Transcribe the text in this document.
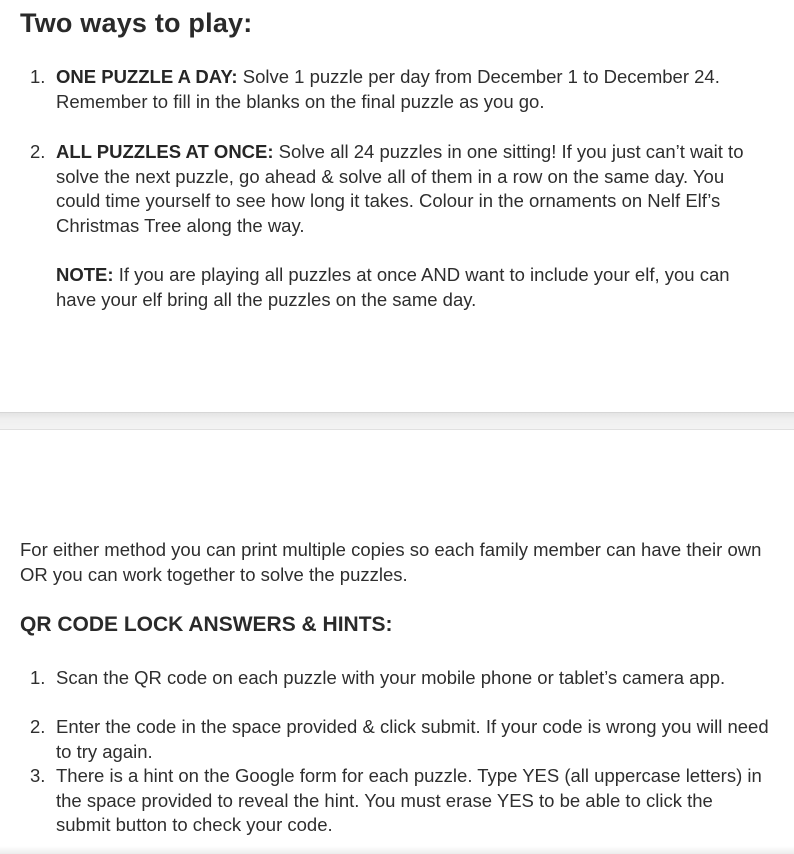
Two ways to play:
1. ONE PUZZLE A DAY: Solve 1 puzzle per day from December 1 to December 24. Remember to fill in the blanks on the final puzzle as you go.
2. ALL PUZZLES AT ONCE: Solve all 24 puzzles in one sitting! If you just can’t wait to solve the next puzzle, go ahead & solve all of them in a row on the same day. You could time yourself to see how long it takes. Colour in the ornaments on Nelf Elf’s Christmas Tree along the way.
NOTE: If you are playing all puzzles at once AND want to include your elf, you can have your elf bring all the puzzles on the same day.
For either method you can print multiple copies so each family member can have their own OR you can work together to solve the puzzles.
QR CODE LOCK ANSWERS & HINTS:
1. Scan the QR code on each puzzle with your mobile phone or tablet’s camera app.
2. Enter the code in the space provided & click submit. If your code is wrong you will need to try again.
3. There is a hint on the Google form for each puzzle. Type YES (all uppercase letters) in the space provided to reveal the hint. You must erase YES to be able to click the submit button to check your code.
